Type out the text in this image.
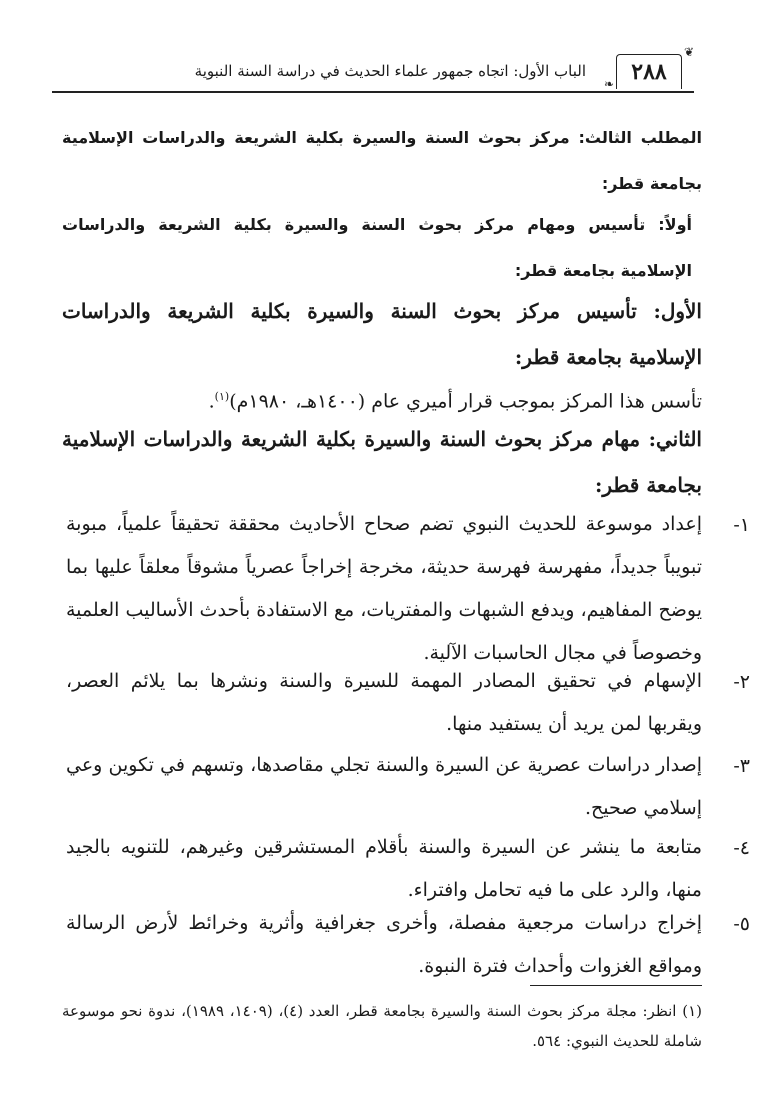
❦
❧ ٢٨٨
الباب الأول: اتجاه جمهور علماء الحديث في دراسة السنة النبوية
المطلب الثالث: مركز بحوث السنة والسيرة بكلية الشريعة والدراسات الإسلامية بجامعة قطر:
أولاً: تأسيس ومهام مركز بحوث السنة والسيرة بكلية الشريعة والدراسات الإسلامية بجامعة قطر:
الأول: تأسيس مركز بحوث السنة والسيرة بكلية الشريعة والدراسات الإسلامية بجامعة قطر:
تأسس هذا المركز بموجب قرار أميري عام (١٤٠٠هـ، ١٩٨٠م)$^{(١)}$.
الثاني: مهام مركز بحوث السنة والسيرة بكلية الشريعة والدراسات الإسلامية بجامعة قطر:
١-
إعداد موسوعة للحديث النبوي تضم صحاح الأحاديث محققة تحقيقاً علمياً، مبوبة تبويباً جديداً، مفهرسة فهرسة حديثة، مخرجة إخراجاً عصرياً مشوقاً معلقاً عليها بما يوضح المفاهيم، ويدفع الشبهات والمفتريات، مع الاستفادة بأحدث الأساليب العلمية وخصوصاً في مجال الحاسبات الآلية.
٢-
الإسهام في تحقيق المصادر المهمة للسيرة والسنة ونشرها بما يلائم العصر، ويقربها لمن يريد أن يستفيد منها.
٣-
إصدار دراسات عصرية عن السيرة والسنة تجلي مقاصدها، وتسهم في تكوين وعي إسلامي صحيح.
٤-
متابعة ما ينشر عن السيرة والسنة بأقلام المستشرقين وغيرهم، للتنويه بالجيد منها، والرد على ما فيه تحامل وافتراء.
٥-
إخراج دراسات مرجعية مفصلة، وأخرى جغرافية وأثرية وخرائط لأرض الرسالة ومواقع الغزوات وأحداث فترة النبوة.
(١) انظر: مجلة مركز بحوث السنة والسيرة بجامعة قطر، العدد (٤)، (١٤٠٩، ١٩٨٩)، ندوة نحو موسوعة شاملة للحديث النبوي: ٥٦٤.
